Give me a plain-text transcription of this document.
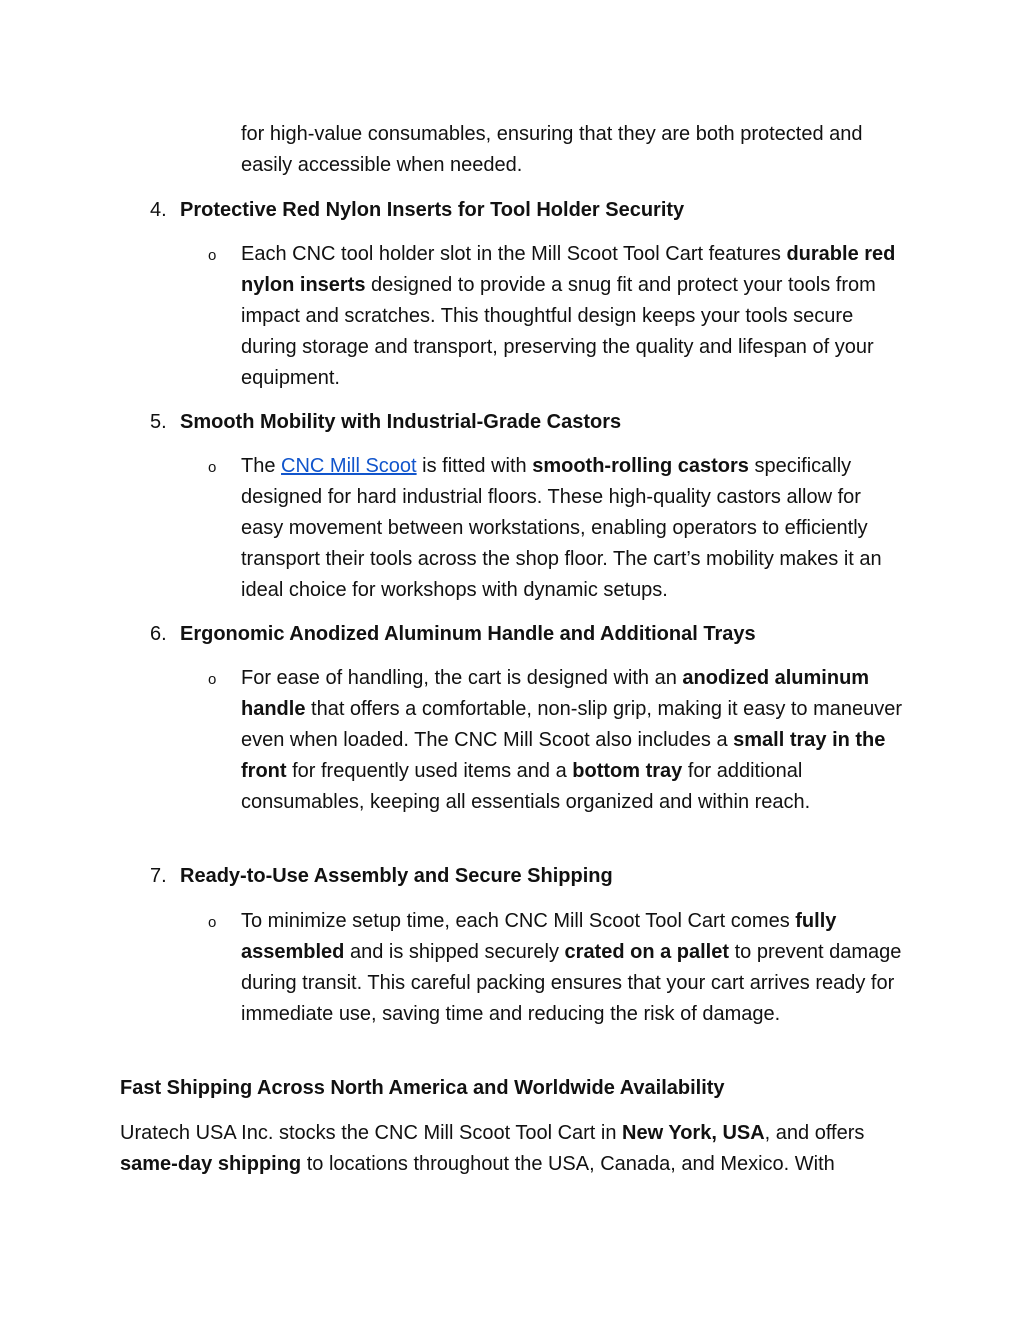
for high-value consumables, ensuring that they are both protected and easily accessible when needed.

4. Protective Red Nylon Inserts for Tool Holder Security

o Each CNC tool holder slot in the Mill Scoot Tool Cart features durable red nylon inserts designed to provide a snug fit and protect your tools from impact and scratches. This thoughtful design keeps your tools secure during storage and transport, preserving the quality and lifespan of your equipment.

5. Smooth Mobility with Industrial-Grade Castors

o The CNC Mill Scoot is fitted with smooth-rolling castors specifically designed for hard industrial floors. These high-quality castors allow for easy movement between workstations, enabling operators to efficiently transport their tools across the shop floor. The cart’s mobility makes it an ideal choice for workshops with dynamic setups.

6. Ergonomic Anodized Aluminum Handle and Additional Trays

o For ease of handling, the cart is designed with an anodized aluminum handle that offers a comfortable, non-slip grip, making it easy to maneuver even when loaded. The CNC Mill Scoot also includes a small tray in the front for frequently used items and a bottom tray for additional consumables, keeping all essentials organized and within reach.

7. Ready-to-Use Assembly and Secure Shipping

o To minimize setup time, each CNC Mill Scoot Tool Cart comes fully assembled and is shipped securely crated on a pallet to prevent damage during transit. This careful packing ensures that your cart arrives ready for immediate use, saving time and reducing the risk of damage.

Fast Shipping Across North America and Worldwide Availability

Uratech USA Inc. stocks the CNC Mill Scoot Tool Cart in New York, USA, and offers same-day shipping to locations throughout the USA, Canada, and Mexico. With
